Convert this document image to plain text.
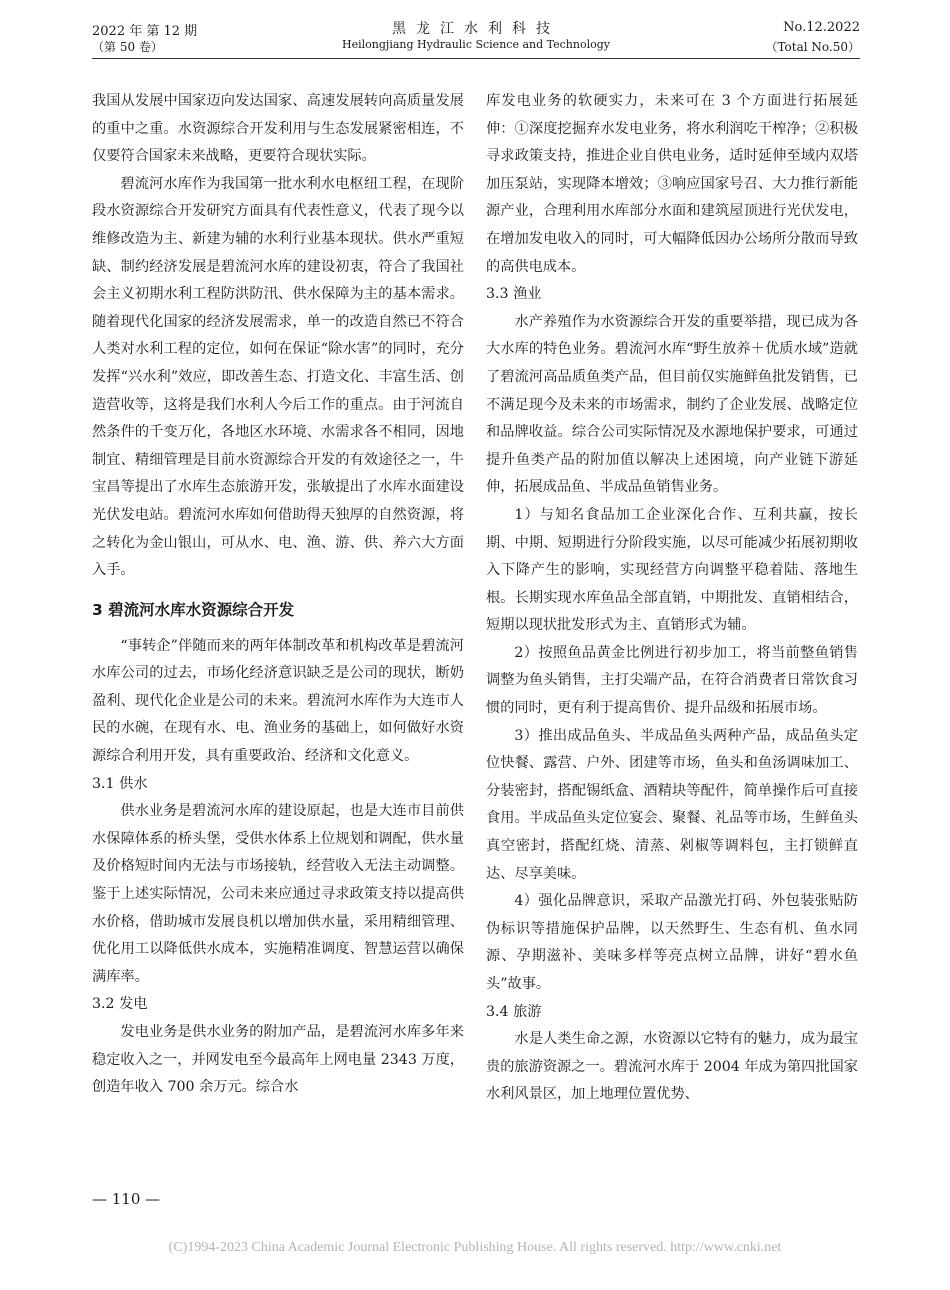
2022 年 第 12 期
（第 50 卷）
黑龙江水利科技
Heilongjiang Hydraulic Science and Technology
No.12.2022
（Total No.50）

我国从发展中国家迈向发达国家、高速发展转向高质量发展的重中之重。水资源综合开发利用与生态发展紧密相连，不仅要符合国家未来战略，更要符合现状实际。

碧流河水库作为我国第一批水利水电枢纽工程，在现阶段水资源综合开发研究方面具有代表性意义，代表了现今以维修改造为主、新建为辅的水利行业基本现状。供水严重短缺、制约经济发展是碧流河水库的建设初衷，符合了我国社会主义初期水利工程防洪防汛、供水保障为主的基本需求。随着现代化国家的经济发展需求，单一的改造自然已不符合人类对水利工程的定位，如何在保证“除水害”的同时，充分发挥“兴水利”效应，即改善生态、打造文化、丰富生活、创造营收等，这将是我们水利人今后工作的重点。由于河流自然条件的千变万化，各地区水环境、水需求各不相同，因地制宜、精细管理是目前水资源综合开发的有效途径之一，牛宝昌等提出了水库生态旅游开发，张敏提出了水库水面建设光伏发电站。碧流河水库如何借助得天独厚的自然资源，将之转化为金山银山，可从水、电、渔、游、供、养六大方面入手。

3 碧流河水库水资源综合开发

“事转企”伴随而来的两年体制改革和机构改革是碧流河水库公司的过去，市场化经济意识缺乏是公司的现状，断奶盈利、现代化企业是公司的未来。碧流河水库作为大连市人民的水碗，在现有水、电、渔业务的基础上，如何做好水资源综合利用开发，具有重要政治、经济和文化意义。

3.1 供水

供水业务是碧流河水库的建设原起，也是大连市目前供水保障体系的桥头堡，受供水体系上位规划和调配，供水量及价格短时间内无法与市场接轨，经营收入无法主动调整。鉴于上述实际情况，公司未来应通过寻求政策支持以提高供水价格，借助城市发展良机以增加供水量，采用精细管理、优化用工以降低供水成本，实施精准调度、智慧运营以确保满库率。

3.2 发电

发电业务是供水业务的附加产品，是碧流河水库多年来稳定收入之一，并网发电至今最高年上网电量 2343 万度，创造年收入 700 余万元。综合水

库发电业务的软硬实力，未来可在 3 个方面进行拓展延伸：①深度挖掘弃水发电业务，将水利润吃干榨净；②积极寻求政策支持，推进企业自供电业务，适时延伸至域内双塔加压泵站，实现降本增效；③响应国家号召、大力推行新能源产业，合理利用水库部分水面和建筑屋顶进行光伏发电，在增加发电收入的同时，可大幅降低因办公场所分散而导致的高供电成本。

3.3 渔业

水产养殖作为水资源综合开发的重要举措，现已成为各大水库的特色业务。碧流河水库“野生放养＋优质水域”造就了碧流河高品质鱼类产品，但目前仅实施鲜鱼批发销售，已不满足现今及未来的市场需求，制约了企业发展、战略定位和品牌收益。综合公司实际情况及水源地保护要求，可通过提升鱼类产品的附加值以解决上述困境，向产业链下游延伸，拓展成品鱼、半成品鱼销售业务。

1）与知名食品加工企业深化合作、互利共赢，按长期、中期、短期进行分阶段实施，以尽可能减少拓展初期收入下降产生的影响，实现经营方向调整平稳着陆、落地生根。长期实现水库鱼品全部直销，中期批发、直销相结合，短期以现状批发形式为主、直销形式为辅。

2）按照鱼品黄金比例进行初步加工，将当前整鱼销售调整为鱼头销售，主打尖端产品，在符合消费者日常饮食习惯的同时，更有利于提高售价、提升品级和拓展市场。

3）推出成品鱼头、半成品鱼头两种产品，成品鱼头定位快餐、露营、户外、团建等市场，鱼头和鱼汤调味加工、分装密封，搭配锡纸盒、酒精块等配件，简单操作后可直接食用。半成品鱼头定位宴会、聚餐、礼品等市场，生鲜鱼头真空密封，搭配红烧、清蒸、剁椒等调料包，主打锁鲜直达、尽享美味。

4）强化品牌意识，采取产品激光打码、外包装张贴防伪标识等措施保护品牌，以天然野生、生态有机、鱼水同源、孕期滋补、美味多样等亮点树立品牌，讲好“碧水鱼头”故事。

3.4 旅游

水是人类生命之源，水资源以它特有的魅力，成为最宝贵的旅游资源之一。碧流河水库于 2004 年成为第四批国家水利风景区，加上地理位置优势、

— 110 —
(C)1994-2023 China Academic Journal Electronic Publishing House. All rights reserved. http://www.cnki.net
